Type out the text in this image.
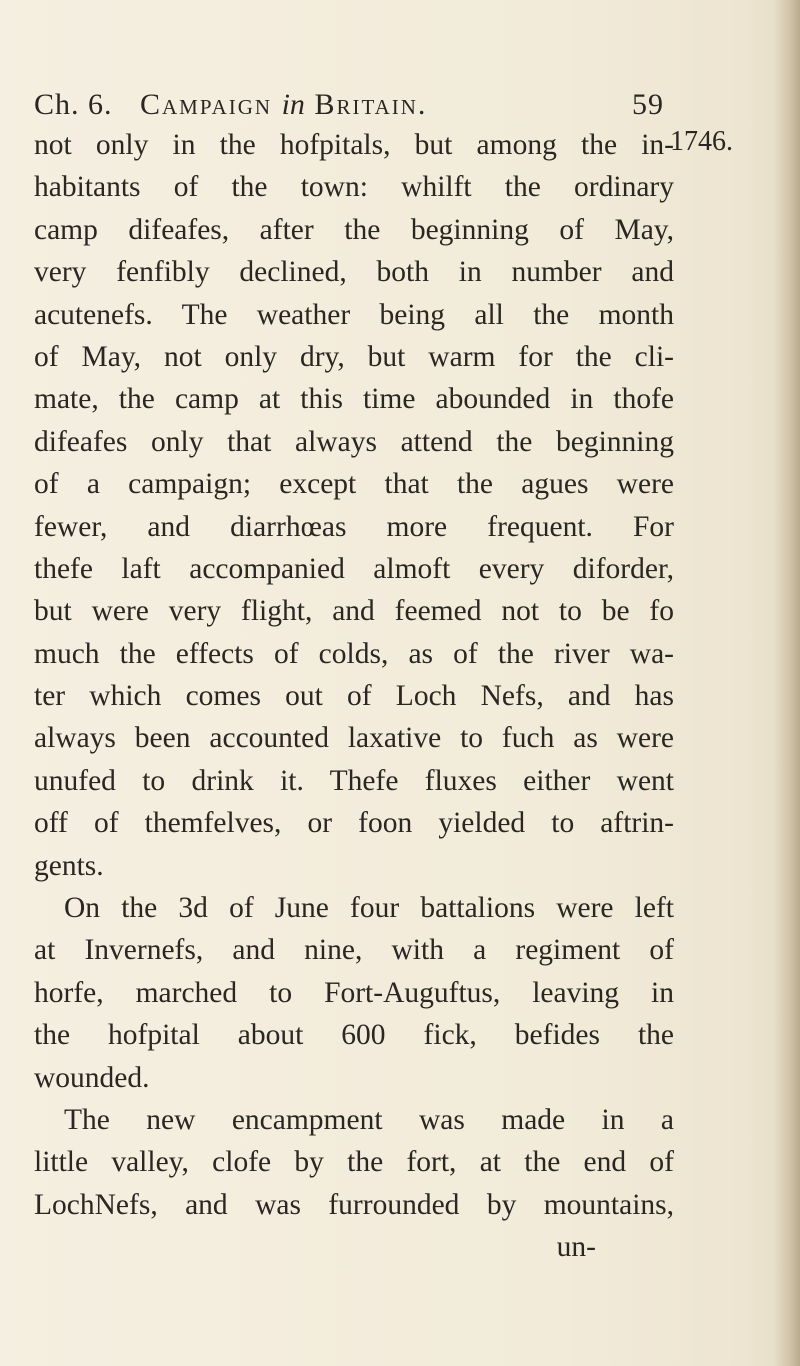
Ch. 6. Campaign in Britain.	59
1746.
not only in the hofpitals, but among the in-
habitants of the town: whilft the ordinary
camp difeafes, after the beginning of May,
very fenfibly declined, both in number and
acutenefs. The weather being all the month
of May, not only dry, but warm for the cli-
mate, the camp at this time abounded in thofe
difeafes only that always attend the beginning
of a campaign; except that the agues were
fewer, and diarrhœas more frequent. For
thefe laft accompanied almoft every diforder,
but were very flight, and feemed not to be fo
much the effects of colds, as of the river wa-
ter which comes out of Loch Nefs, and has
always been accounted laxative to fuch as were
unufed to drink it. Thefe fluxes either went
off of themfelves, or foon yielded to aftrin-
gents.
On the 3d of June four battalions were left
at Invernefs, and nine, with a regiment of
horfe, marched to Fort-Auguftus, leaving in
the hofpital about 600 fick, befides the
wounded.
The new encampment was made in a
little valley, clofe by the fort, at the end of
LochNefs, and was furrounded by mountains,
un-
